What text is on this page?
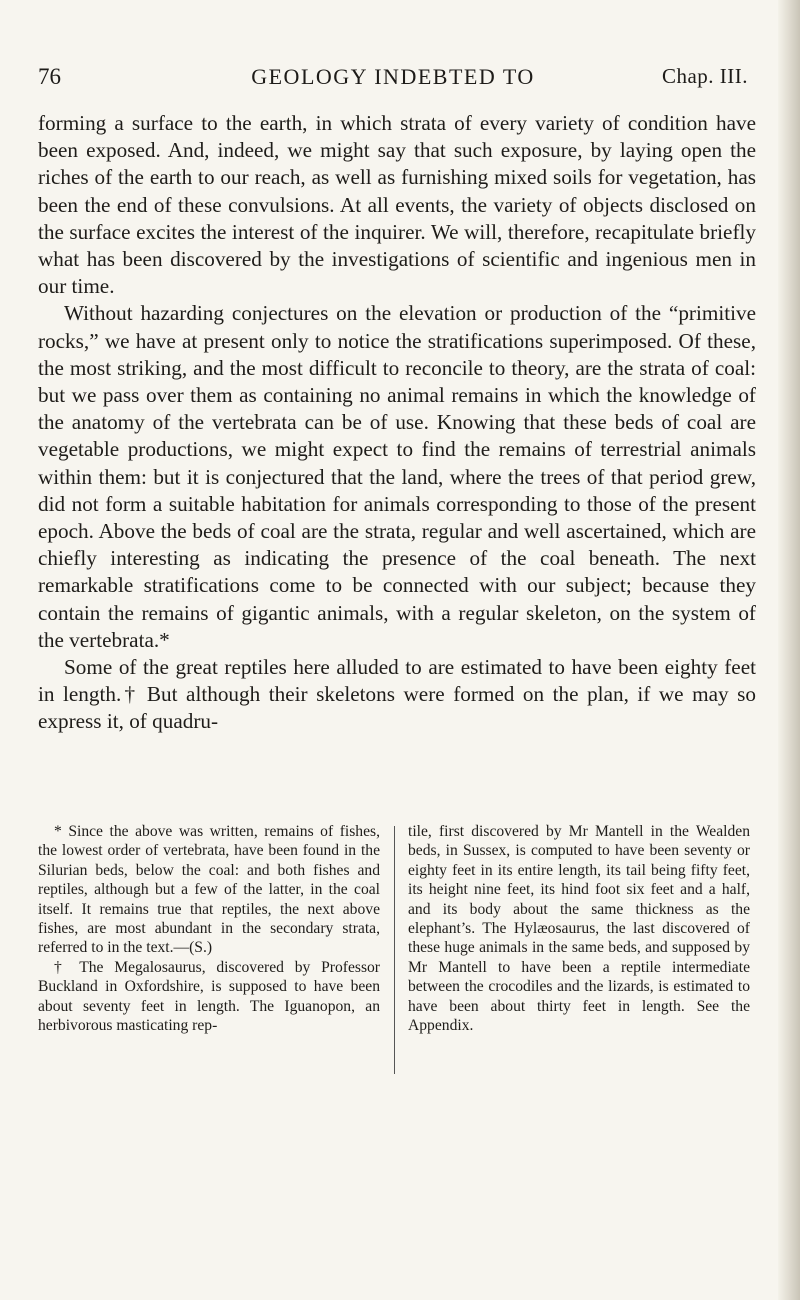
76	GEOLOGY INDEBTED TO	Chap. III.

forming a surface to the earth, in which strata of every variety of condition have been exposed. And, indeed, we might say that such exposure, by laying open the riches of the earth to our reach, as well as furnishing mixed soils for vegetation, has been the end of these convulsions. At all events, the variety of objects disclosed on the surface excites the interest of the inquirer. We will, therefore, recapitulate briefly what has been discovered by the investigations of scientific and ingenious men in our time.

Without hazarding conjectures on the elevation or production of the “primitive rocks,” we have at present only to notice the stratifications superimposed. Of these, the most striking, and the most difficult to reconcile to theory, are the strata of coal: but we pass over them as containing no animal remains in which the knowledge of the anatomy of the vertebrata can be of use. Knowing that these beds of coal are vegetable productions, we might expect to find the remains of terrestrial animals within them: but it is conjectured that the land, where the trees of that period grew, did not form a suitable habitation for animals corresponding to those of the present epoch. Above the beds of coal are the strata, regular and well ascertained, which are chiefly interesting as indicating the presence of the coal beneath. The next remarkable stratifications come to be connected with our subject; because they contain the remains of gigantic animals, with a regular skeleton, on the system of the vertebrata.*

Some of the great reptiles here alluded to are estimated to have been eighty feet in length.† But although their skeletons were formed on the plan, if we may so express it, of quadru-

* Since the above was written, remains of fishes, the lowest order of vertebrata, have been found in the Silurian beds, below the coal: and both fishes and reptiles, although but a few of the latter, in the coal itself. It remains true that reptiles, the next above fishes, are most abundant in the secondary strata, referred to in the text.—(S.)

† The Megalosaurus, discovered by Professor Buckland in Oxfordshire, is supposed to have been about seventy feet in length. The Iguanopon, an herbivorous masticating rep-

tile, first discovered by Mr Mantell in the Wealden beds, in Sussex, is computed to have been seventy or eighty feet in its entire length, its tail being fifty feet, its height nine feet, its hind foot six feet and a half, and its body about the same thickness as the elephant’s. The Hylæosaurus, the last discovered of these huge animals in the same beds, and supposed by Mr Mantell to have been a reptile intermediate between the crocodiles and the lizards, is estimated to have been about thirty feet in length. See the Appendix.
